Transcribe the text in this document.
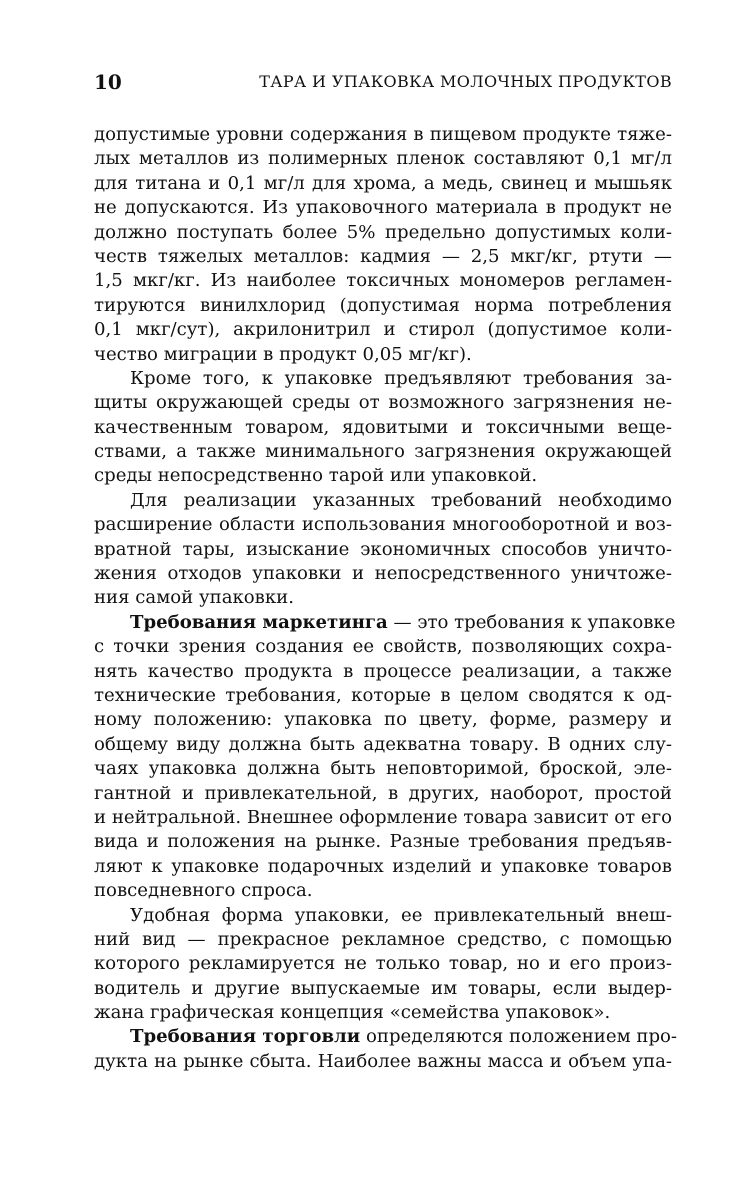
10	ТАРА И УПАКОВКА МОЛОЧНЫХ ПРОДУКТОВ
допустимые уровни содержания в пищевом продукте тяже-
лых металлов из полимерных пленок составляют 0,1 мг/л
для титана и 0,1 мг/л для хрома, а медь, свинец и мышьяк
не допускаются. Из упаковочного материала в продукт не
должно поступать более 5% предельно допустимых коли-
честв тяжелых металлов: кадмия — 2,5 мкг/кг, ртути —
1,5 мкг/кг. Из наиболее токсичных мономеров регламен-
тируются винилхлорид (допустимая норма потребления
0,1 мкг/сут), акрилонитрил и стирол (допустимое коли-
чество миграции в продукт 0,05 мг/кг).
Кроме того, к упаковке предъявляют требования за-
щиты окружающей среды от возможного загрязнения не-
качественным товаром, ядовитыми и токсичными веще-
ствами, а также минимального загрязнения окружающей
среды непосредственно тарой или упаковкой.
Для реализации указанных требований необходимо
расширение области использования многооборотной и воз-
вратной тары, изыскание экономичных способов уничто-
жения отходов упаковки и непосредственного уничтоже-
ния самой упаковки.
Требования маркетинга — это требования к упаковке
с точки зрения создания ее свойств, позволяющих сохра-
нять качество продукта в процессе реализации, а также
технические требования, которые в целом сводятся к од-
ному положению: упаковка по цвету, форме, размеру и
общему виду должна быть адекватна товару. В одних слу-
чаях упаковка должна быть неповторимой, броской, эле-
гантной и привлекательной, в других, наоборот, простой
и нейтральной. Внешнее оформление товара зависит от его
вида и положения на рынке. Разные требования предъяв-
ляют к упаковке подарочных изделий и упаковке товаров
повседневного спроса.
Удобная форма упаковки, ее привлекательный внеш-
ний вид — прекрасное рекламное средство, с помощью
которого рекламируется не только товар, но и его произ-
водитель и другие выпускаемые им товары, если выдер-
жана графическая концепция «семейства упаковок».
Требования торговли определяются положением про-
дукта на рынке сбыта. Наиболее важны масса и объем упа-
